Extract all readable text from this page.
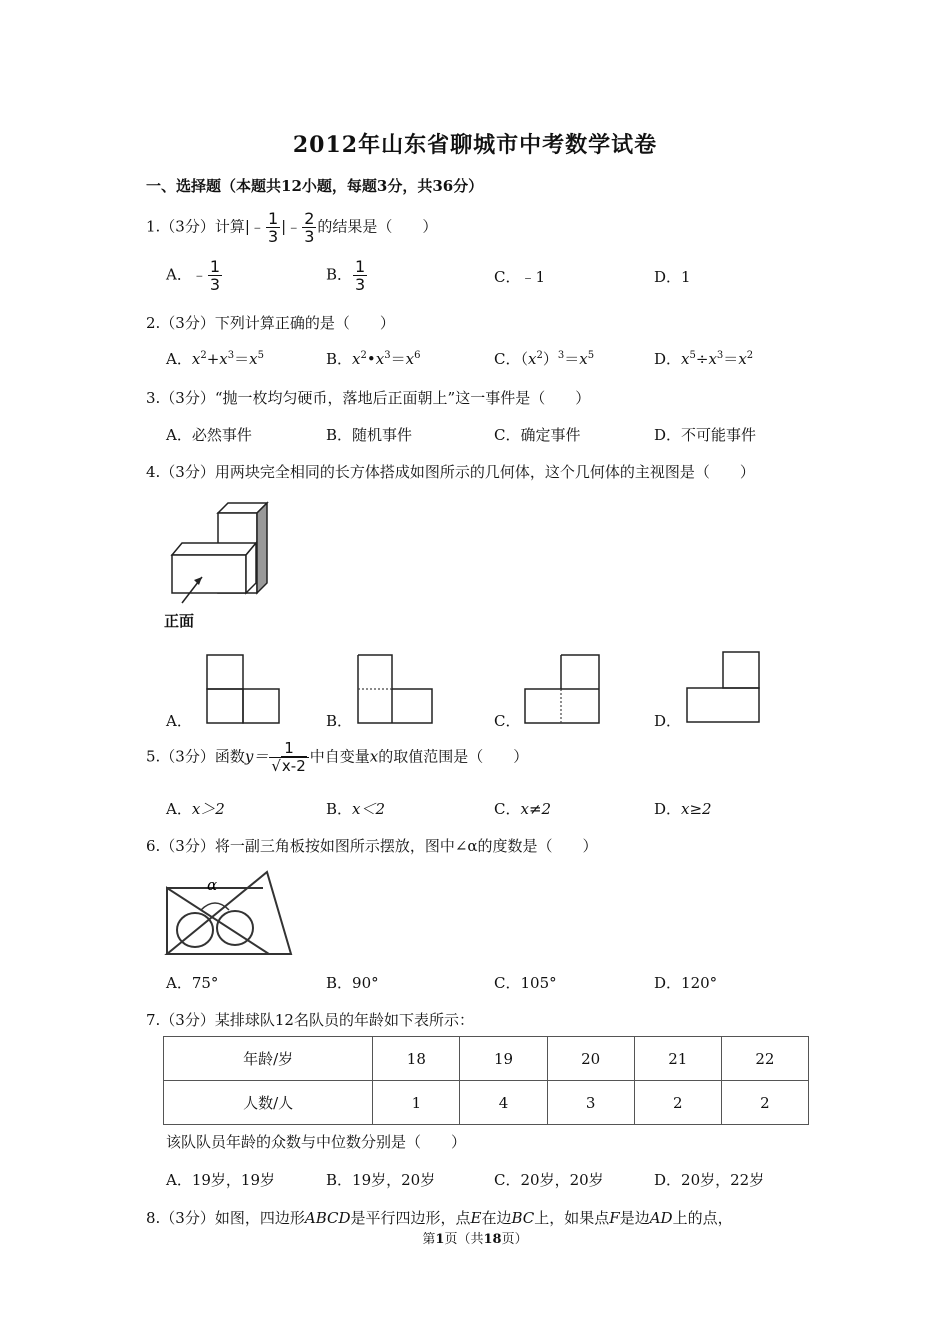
2012年山东省聊城市中考数学试卷
一、选择题（本题共12小题，每题3分，共36分）
1.（3分）计算|﹣ $\frac{1}{3}$ |﹣ $\frac{2}{3}$ 的结果是（　　）
A．﹣ $\frac{1}{3}$	B． $\frac{1}{3}$	C．﹣1	D．1
2.（3分）下列计算正确的是（　　）
A．$x^2+x^3=x^5$	B．$x^2•x^3=x^6$	C．$(x^2)^3=x^5$	D．$x^5\div x^3=x^2$
3.（3分）“抛一枚均匀硬币，落地后正面朝上”这一事件是（　　）
A．必然事件	B．随机事件	C．确定事件	D．不可能事件
4.（3分）用两块完全相同的长方体搭成如图所示的几何体，这个几何体的主视图是（　　）
正面
A．	B．	C．	D．
5.（3分）函数$y= \frac{1}{√x-2}$ 中自变量x的取值范围是（　　）
A．x＞2	B．x＜2	C．x≠2	D．x≥2
6.（3分）将一副三角板按如图所示摆放，图中∠α的度数是（　　）
α
A．75°	B．90°	C．105°	D．120°
7.（3分）某排球队12名队员的年龄如下表所示：
年龄/岁	18	19	20	21	22
人数/人	1	4	3	2	2
该队队员年龄的众数与中位数分别是（　　）
A．19岁，19岁	B．19岁，20岁	C．20岁，20岁	D．20岁，22岁
8.（3分）如图，四边形ABCD是平行四边形，点E在边BC上，如果点F是边AD上的点，
第1页（共18页）
